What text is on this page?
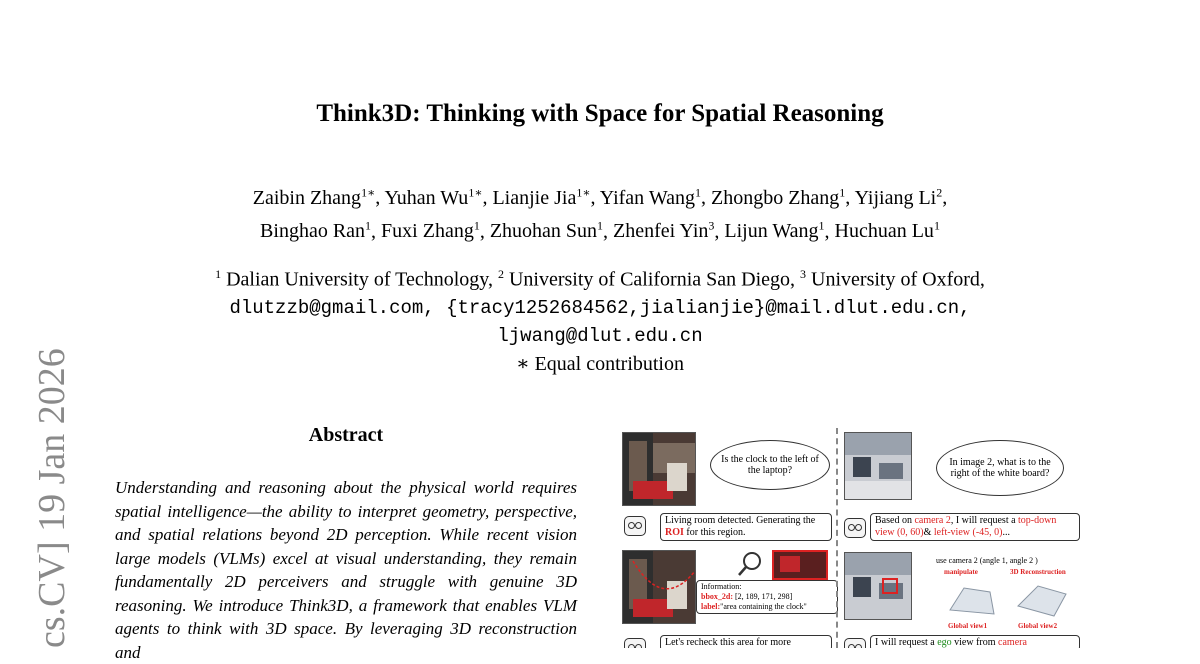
Think3D: Thinking with Space for Spatial Reasoning
Zaibin Zhang$^{1∗}$, Yuhan $Wu^{1∗}$, Lianjie Jia$^{1∗}$, Yifan Wang$^1$, Zhongbo Zhang$^1$, Yijiang Li$^2$,
Binghao Ran$^1$, Fuxi Zhang$^1$, Zhuohan Sun$^1$, Zhenfei Yin$^3$, Lijun Wang$^1$, Huchuan Lu$^1$
$^1$ Dalian University of Technology, $^2$ University of California San Diego, $^3$ University of Oxford,
dlutzzb@gmail.com, {tracy1252684562,jialianjie}@mail.dlut.edu.cn,
ljwang@dlut.edu.cn
∗ Equal contribution
cs.CV] 19 Jan 2026	Abstract
Understanding and reasoning about the physical world requires spatial intelligence—the ability to interpret geometry, perspective, and spatial relations beyond 2D perception. While recent vision large models (VLMs) excel at visual understanding, they remain fundamentally 2D perceivers and struggle with genuine 3D reasoning. We introduce Think3D, a framework that enables VLM agents to think with 3D space. By leveraging 3D reconstruction and
Is the clock to the left of the laptop?
Living room detected. Generating the ROI for this region.
Information:
bbox_2d: [2, 189, 171, 298]
label:"area containing the clock"
Let's recheck this area for more
In image 2, what is to the right of the white board?
Based on camera 2, I will request a top-down view (0, 60)& left-view (-45, 0)...
use camera 2 (angle 1, angle 2 )
manipulate	3D Reconstruction
Global view1	Global view2
I will request a ego view from camera
